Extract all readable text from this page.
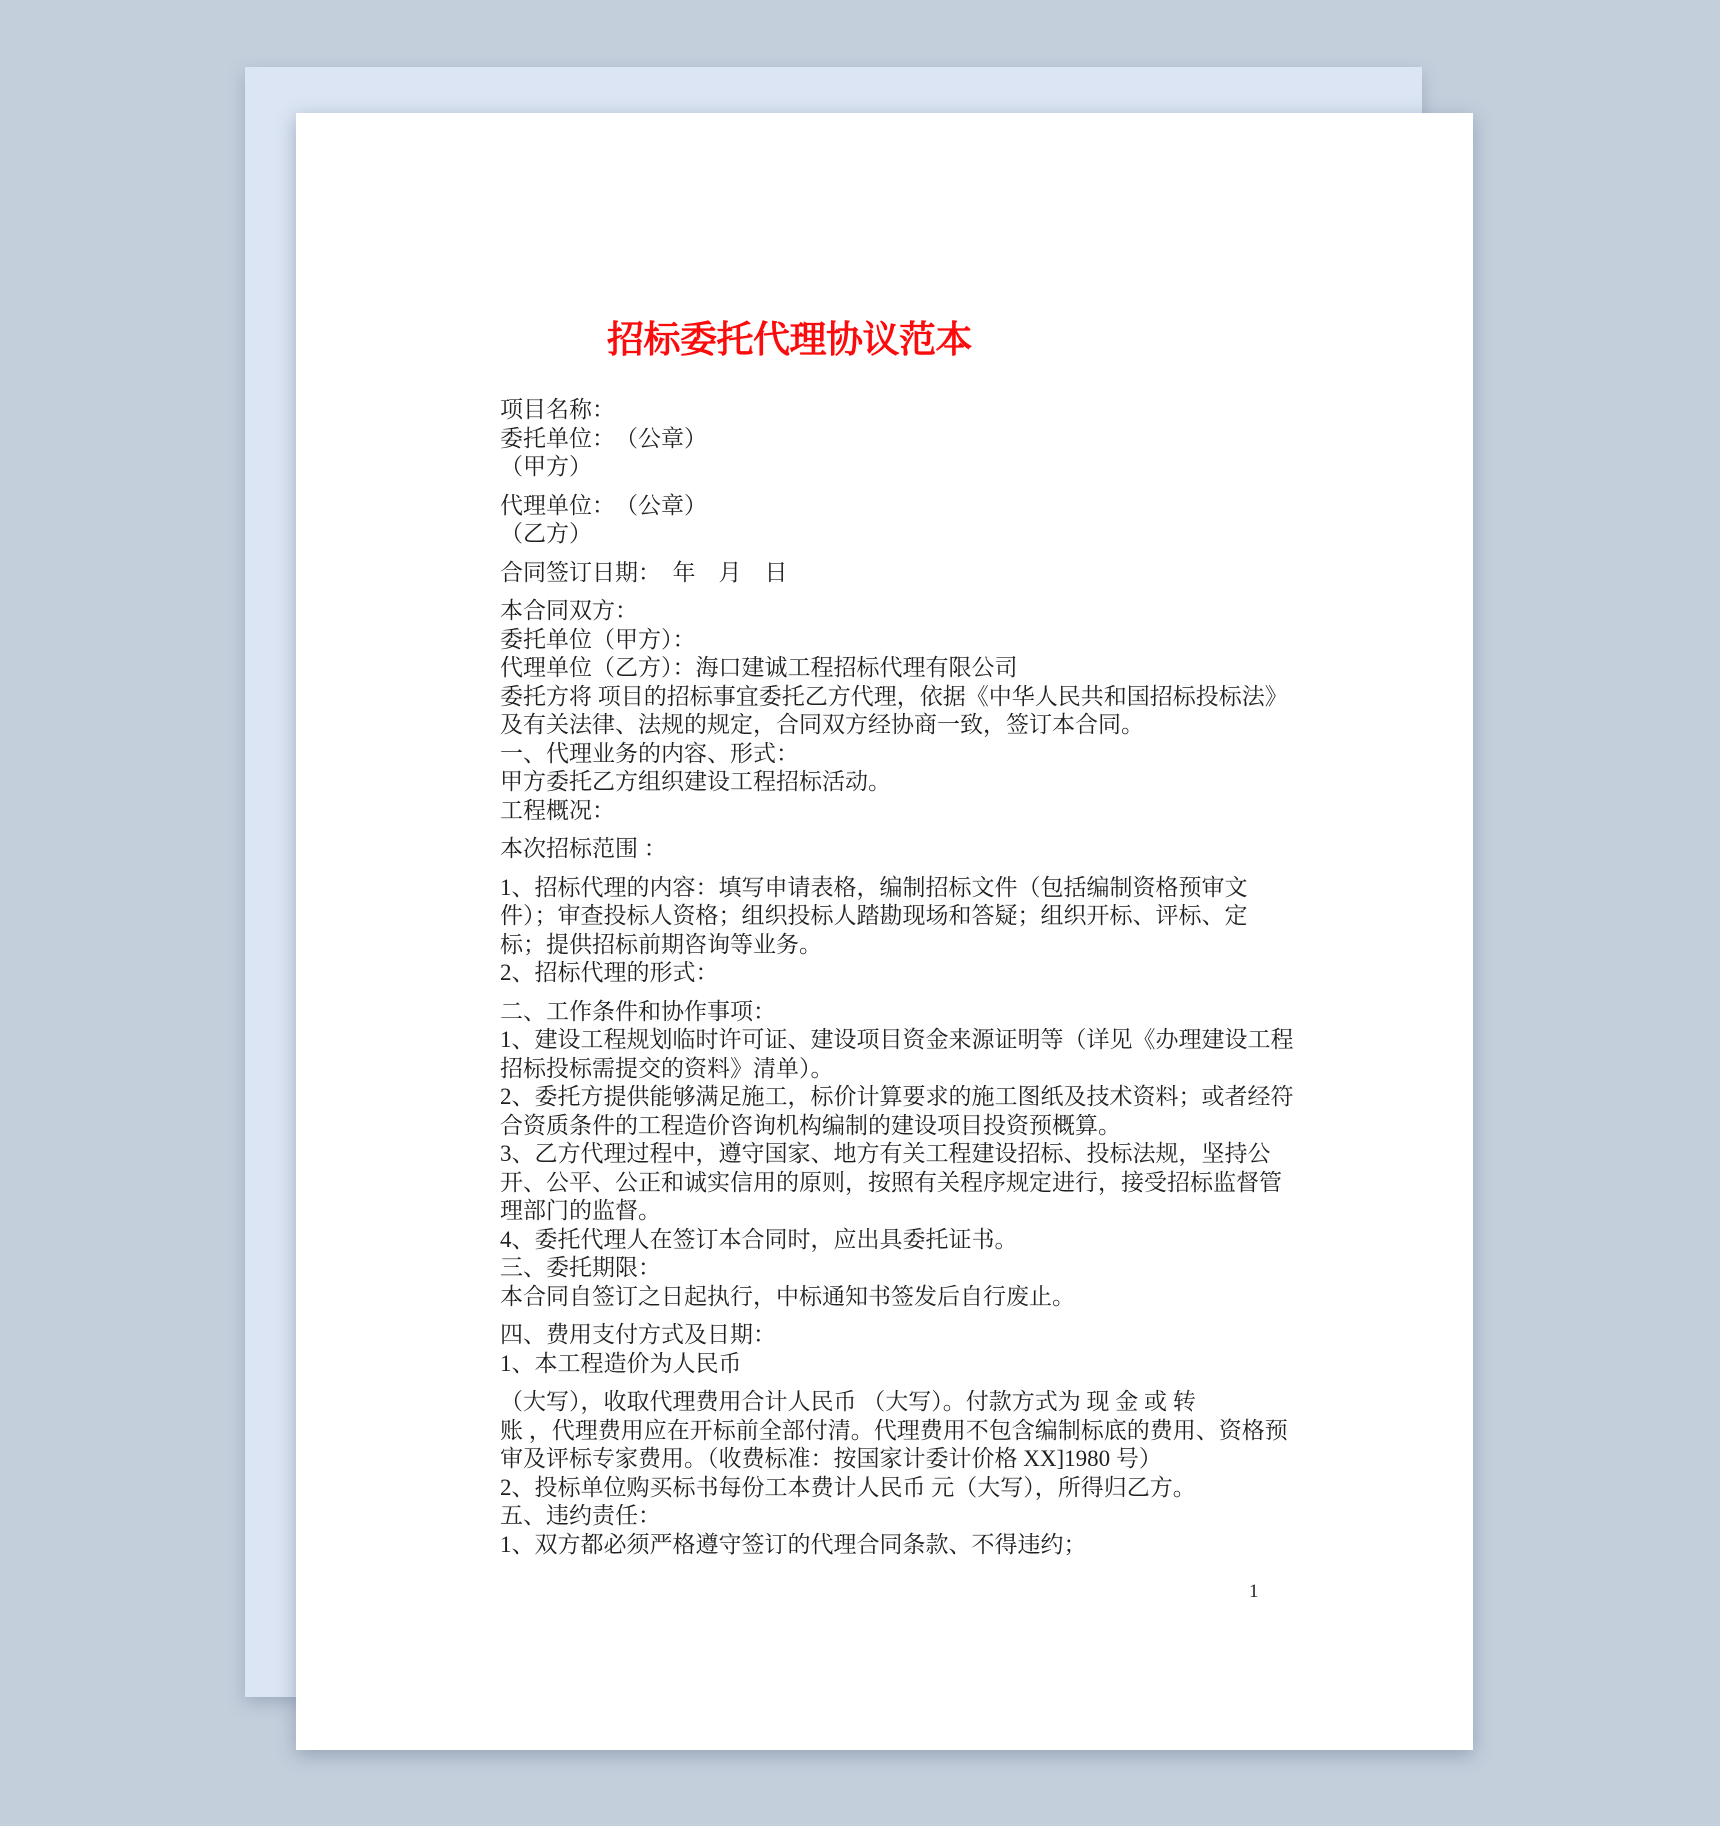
招标委托代理协议范本
项目名称：
委托单位：　（公章）
（甲方）
代理单位：　（公章）
（乙方）
合同签订日期：　年　月　日
本合同双方：
委托单位（甲方）：
代理单位（乙方）：海口建诚工程招标代理有限公司
委托方将 项目的招标事宜委托乙方代理，依据《中华人民共和国招标投标法》
及有关法律、法规的规定，合同双方经协商一致，签订本合同。
一、代理业务的内容、形式：
甲方委托乙方组织建设工程招标活动。
工程概况：
本次招标范围 ：
1、招标代理的内容：填写申请表格，编制招标文件（包括编制资格预审文
件）；审查投标人资格；组织投标人踏勘现场和答疑；组织开标、评标、定
标；提供招标前期咨询等业务。
2、招标代理的形式：
二、工作条件和协作事项：
1、建设工程规划临时许可证、建设项目资金来源证明等（详见《办理建设工程
招标投标需提交的资料》清单）。
2、委托方提供能够满足施工，标价计算要求的施工图纸及技术资料；或者经符
合资质条件的工程造价咨询机构编制的建设项目投资预概算。
3、乙方代理过程中，遵守国家、地方有关工程建设招标、投标法规，坚持公
开、公平、公正和诚实信用的原则，按照有关程序规定进行，接受招标监督管
理部门的监督。
4、委托代理人在签订本合同时，应出具委托证书。
三、委托期限：
本合同自签订之日起执行，中标通知书签发后自行废止。
四、费用支付方式及日期：
1、本工程造价为人民币
（大写），收取代理费用合计人民币 （大写）。付款方式为 现 金 或 转
账 ，代理费用应在开标前全部付清。代理费用不包含编制标底的费用、资格预
审及评标专家费用。（收费标准：按国家计委计价格 XX]1980 号）
2、投标单位购买标书每份工本费计人民币 元（大写），所得归乙方。
五、违约责任：
1、双方都必须严格遵守签订的代理合同条款、不得违约；
1
